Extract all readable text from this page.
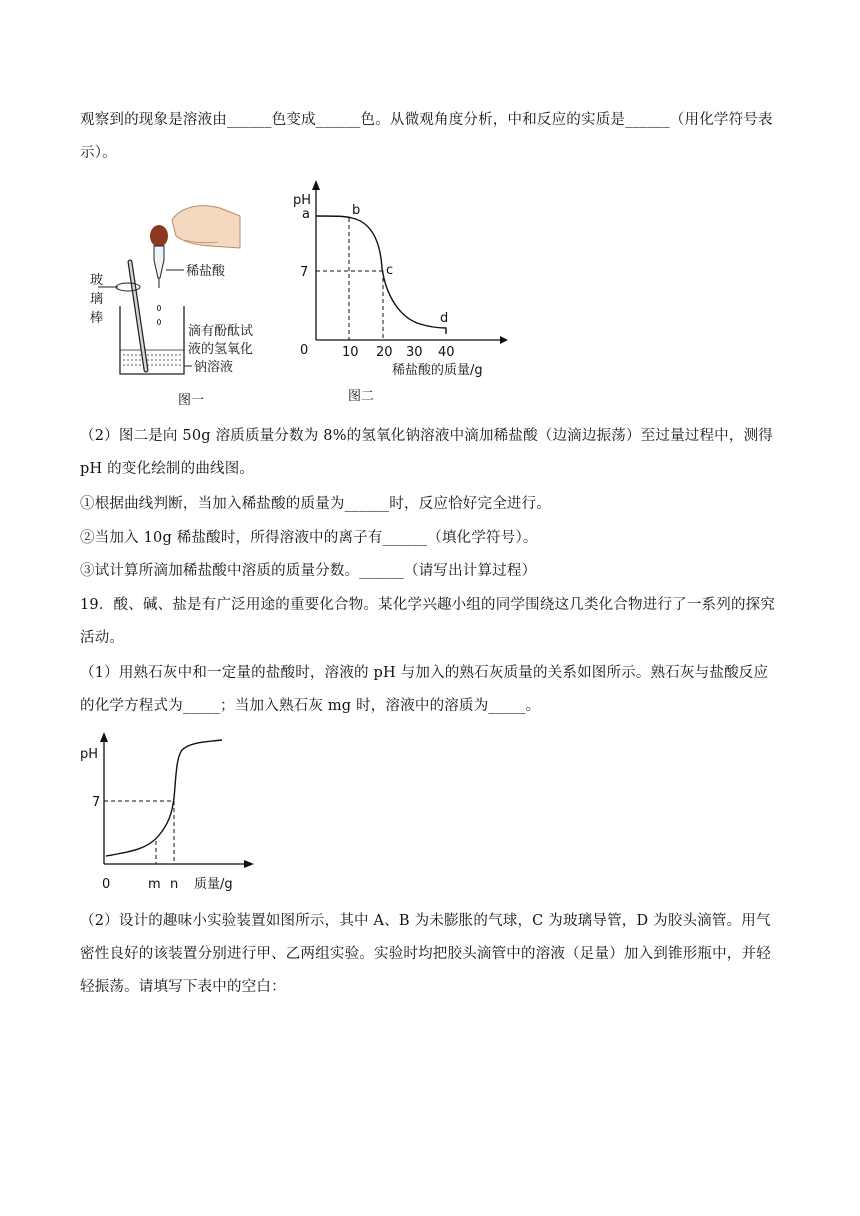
观察到的现象是溶液由______色变成______色。从微观角度分析，中和反应的实质是______（用化学符号表示）。

稀盐酸
玻
璃
棒
滴有酚酞试
液的氢氧化
钠溶液
图一
pH
0
7
a	b
c
d
10 20 30 40
稀盐酸的质量/g
图二

（2）图二是向 50g 溶质质量分数为 8%的氢氧化钠溶液中滴加稀盐酸（边滴边振荡）至过量过程中，测得 pH 的变化绘制的曲线图。

①根据曲线判断，当加入稀盐酸的质量为______时，反应恰好完全进行。

②当加入 10g 稀盐酸时，所得溶液中的离子有______（填化学符号）。

③试计算所滴加稀盐酸中溶质的质量分数。______（请写出计算过程）

19．酸、碱、盐是有广泛用途的重要化合物。某化学兴趣小组的同学围绕这几类化合物进行了一系列的探究活动。

（1）用熟石灰中和一定量的盐酸时，溶液的 pH 与加入的熟石灰质量的关系如图所示。熟石灰与盐酸反应的化学方程式为_____；当加入熟石灰 mg 时，溶液中的溶质为_____。

pH
7
0	m n 质量/g

（2）设计的趣味小实验装置如图所示，其中 A、B 为未膨胀的气球，C 为玻璃导管，D 为胶头滴管。用气密性良好的该装置分别进行甲、乙两组实验。实验时均把胶头滴管中的溶液（足量）加入到锥形瓶中，并轻轻振荡。请填写下表中的空白：
